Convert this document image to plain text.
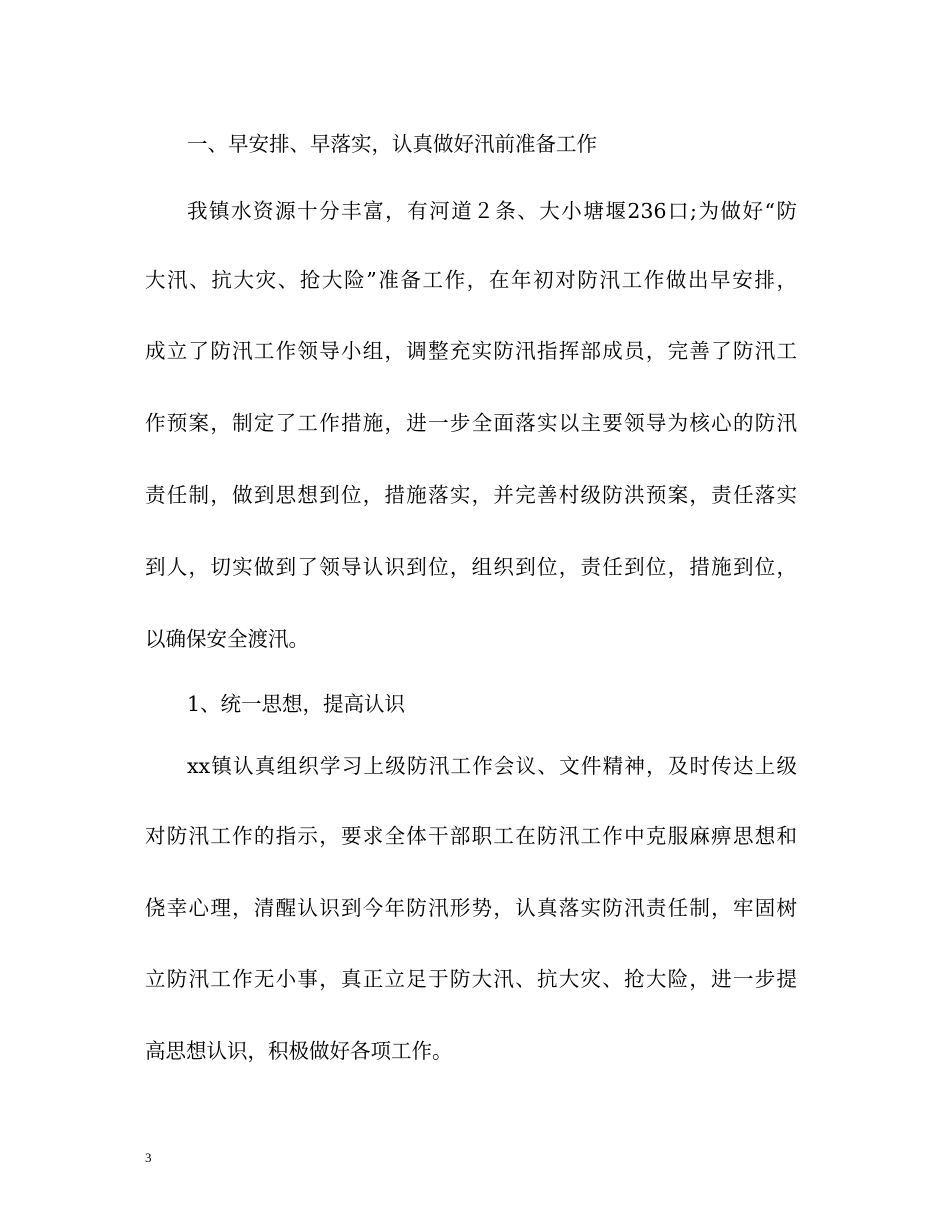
一、早安排、早落实，认真做好汛前准备工作
我镇水资源十分丰富，有河道２条、大小塘堰236口;为做好“防
大汛、抗大灾、抢大险”准备工作，在年初对防汛工作做出早安排，
成立了防汛工作领导小组，调整充实防汛指挥部成员，完善了防汛工
作预案，制定了工作措施，进一步全面落实以主要领导为核心的防汛
责任制，做到思想到位，措施落实，并完善村级防洪预案，责任落实
到人，切实做到了领导认识到位，组织到位，责任到位，措施到位，
以确保安全渡汛。
1、统一思想，提高认识
xx镇认真组织学习上级防汛工作会议、文件精神，及时传达上级
对防汛工作的指示，要求全体干部职工在防汛工作中克服麻痹思想和
侥幸心理，清醒认识到今年防汛形势，认真落实防汛责任制，牢固树
立防汛工作无小事，真正立足于防大汛、抗大灾、抢大险，进一步提
高思想认识，积极做好各项工作。
3
